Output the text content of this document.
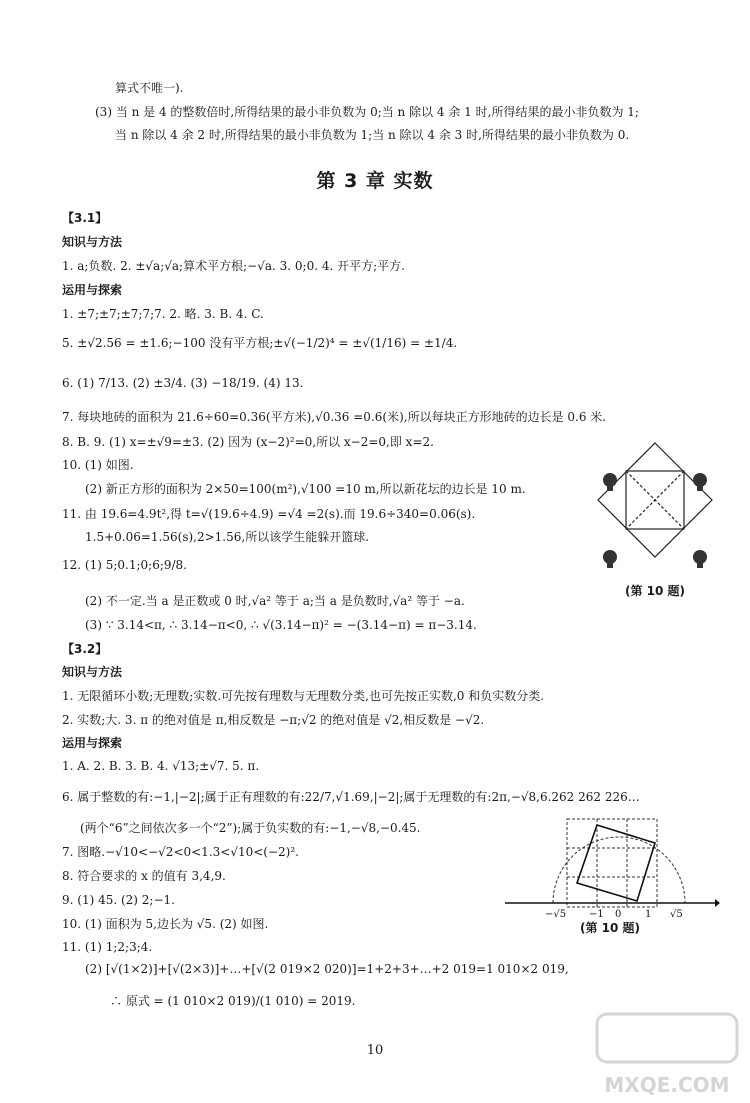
算式不唯一).
(3) 当 n 是 4 的整数倍时,所得结果的最小非负数为 0;当 n 除以 4 余 1 时,所得结果的最小非负数为 1;
当 n 除以 4 余 2 时,所得结果的最小非负数为 1;当 n 除以 4 余 3 时,所得结果的最小非负数为 0.
第 3 章 实数
【3.1】
知识与方法
1. a;负数. 2. ±√a;√a;算术平方根;−√a. 3. 0;0. 4. 开平方;平方.
运用与探索
1. ±7;±7;±7;7;7. 2. 略. 3. B. 4. C.
5. ±√2.56 = ±1.6;−100 没有平方根;±√(−1/2)⁴ = ±√(1/16) = ±1/4.
6. (1) 7/13. (2) ±3/4. (3) −18/19. (4) 13.
7. 每块地砖的面积为 21.6÷60=0.36(平方米),√0.36 =0.6(米),所以每块正方形地砖的边长是 0.6 米.
8. B. 9. (1) x=±√9=±3. (2) 因为 (x−2)²=0,所以 x−2=0,即 x=2.
10. (1) 如图.
(2) 新正方形的面积为 2×50=100(m²),√100 =10 m,所以新花坛的边长是 10 m.
11. 由 19.6=4.9t²,得 t=√(19.6÷4.9) =√4 =2(s).而 19.6÷340=0.06(s).
1.5+0.06=1.56(s),2>1.56,所以该学生能躲开篮球.
12. (1) 5;0.1;0;6;9/8.
(2) 不一定.当 a 是正数或 0 时,√a² 等于 a;当 a 是负数时,√a² 等于 −a.
(3) ∵ 3.14<π, ∴ 3.14−π<0, ∴ √(3.14−π)² = −(3.14−π) = π−3.14.
(第 10 题)
【3.2】
知识与方法
1. 无限循环小数;无理数;实数.可先按有理数与无理数分类,也可先按正实数,0 和负实数分类.
2. 实数;大. 3. π 的绝对值是 π,相反数是 −π;√2 的绝对值是 √2,相反数是 −√2.
运用与探索
1. A. 2. B. 3. B. 4. √13;±√7. 5. π.
6. 属于整数的有:−1,|−2|;属于正有理数的有:22/7,√1.69,|−2|;属于无理数的有:2π,−√8,6.262 262 226…
(两个“6”之间依次多一个“2”);属于负实数的有:−1,−√8,−0.45.
7. 图略.−√10<−√2<0<1.3<√10<(−2)².
8. 符合要求的 x 的值有 3,4,9.
9. (1) 45. (2) 2;−1.
10. (1) 面积为 5,边长为 √5. (2) 如图.
11. (1) 1;2;3;4.
(2) [√(1×2)]+[√(2×3)]+…+[√(2 019×2 020)]=1+2+3+…+2 019=1 010×2 019,
∴ 原式 = (1 010×2 019)/(1 010) = 2019.
−√5 −1 0 1 √5
(第 10 题)
10
MXQE.COM
